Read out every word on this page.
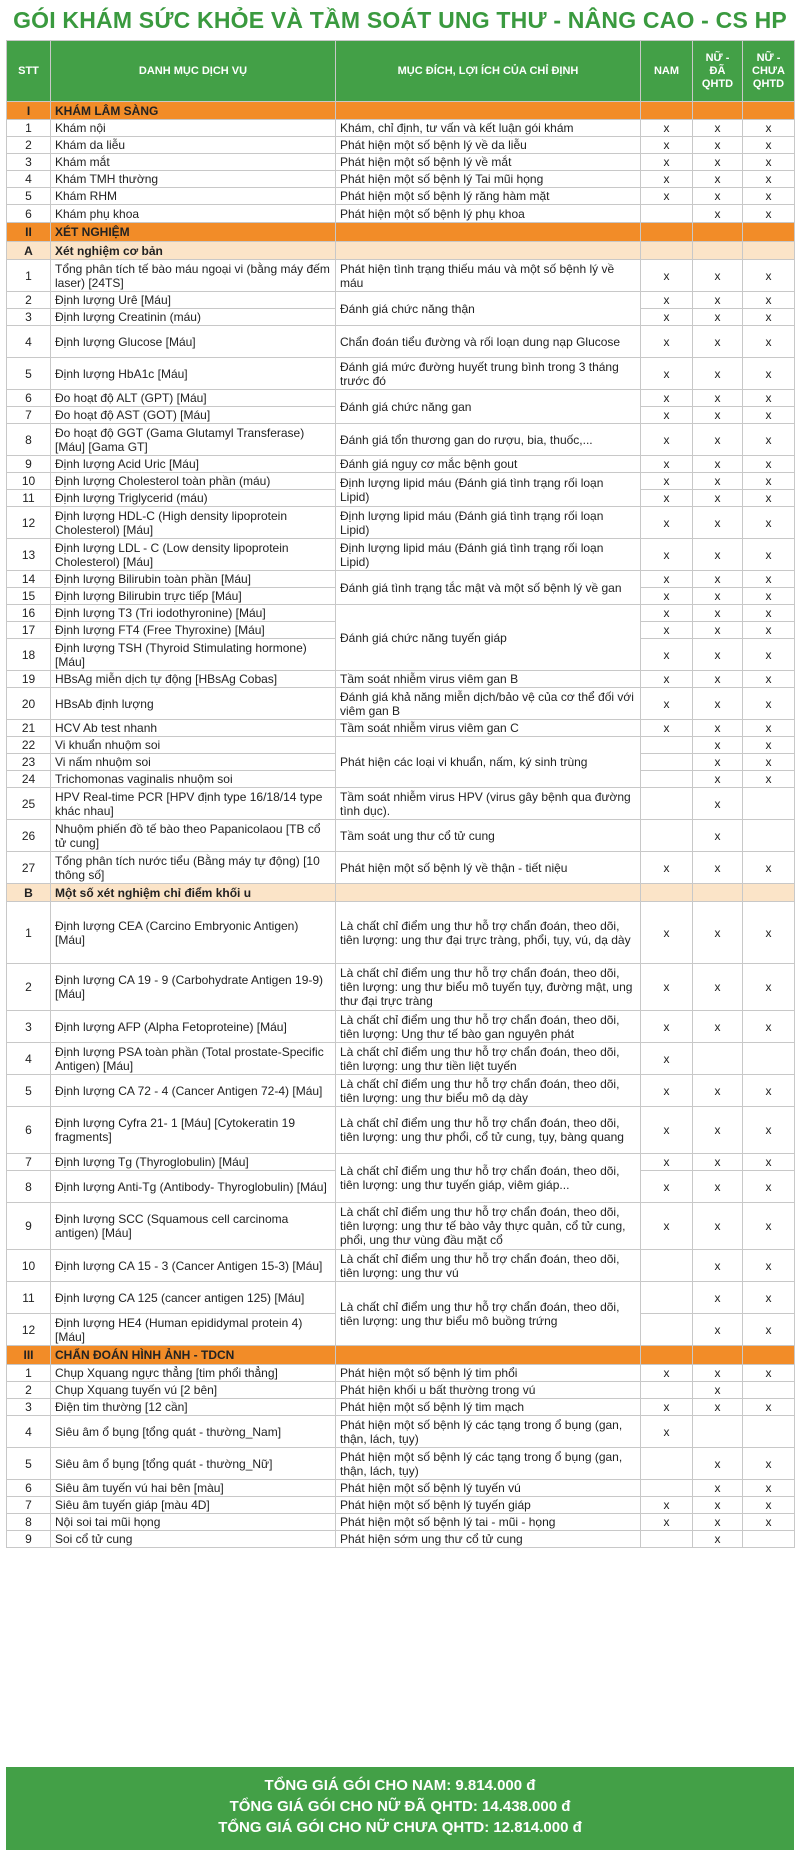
GÓI KHÁM SỨC KHỎE VÀ TẦM SOÁT UNG THƯ - NÂNG CAO - CS HP
STT	DANH MỤC DỊCH VỤ	MỤC ĐÍCH, LỢI ÍCH CỦA CHỈ ĐỊNH	NAM	NỮ - ĐÃ QHTD	NỮ - CHƯA QHTD
I	KHÁM LÂM SÀNG				
1	Khám nội	Khám, chỉ định, tư vấn và kết luận gói khám	x	x	x
2	Khám da liễu	Phát hiện một số bệnh lý về da liễu	x	x	x
3	Khám mắt	Phát hiện một số bệnh lý về mắt	x	x	x
4	Khám TMH thường	Phát hiện một số bệnh lý Tai mũi họng	x	x	x
5	Khám RHM	Phát hiện một số bệnh lý răng hàm mặt	x	x	x
6	Khám phụ khoa	Phát hiện một số bệnh lý phụ khoa		x	x
II	XÉT NGHIỆM				
A	Xét nghiệm cơ bản				
1	Tổng phân tích tế bào máu ngoại vi (bằng máy đếm laser) [24TS]	Phát hiện tình trạng thiếu máu và một số bệnh lý về máu	x	x	x
2	Định lượng Urê [Máu]	Đánh giá chức năng thận	x	x	x
3	Định lượng Creatinin (máu)		x	x	x
4	Định lượng Glucose [Máu]	Chẩn đoán tiểu đường và rối loạn dung nạp Glucose	x	x	x
5	Định lượng HbA1c [Máu]	Đánh giá mức đường huyết trung bình trong 3 tháng trước đó	x	x	x
6	Đo hoạt độ ALT (GPT) [Máu]	Đánh giá chức năng gan	x	x	x
7	Đo hoạt độ AST (GOT) [Máu]		x	x	x
8	Đo hoạt độ GGT (Gama Glutamyl Transferase) [Máu] [Gama GT]	Đánh giá tổn thương gan do rượu, bia, thuốc,...	x	x	x
9	Định lượng Acid Uric [Máu]	Đánh giá nguy cơ mắc bệnh gout	x	x	x
10	Định lượng Cholesterol toàn phần (máu)	Định lượng lipid máu (Đánh giá tình trạng rối loạn Lipid)	x	x	x
11	Định lượng Triglycerid (máu)		x	x	x
12	Định lượng HDL-C (High density lipoprotein Cholesterol) [Máu]	Định lượng lipid máu (Đánh giá tình trạng rối loạn Lipid)	x	x	x
13	Định lượng LDL - C (Low density lipoprotein Cholesterol) [Máu]	Định lượng lipid máu (Đánh giá tình trạng rối loạn Lipid)	x	x	x
14	Định lượng Bilirubin toàn phần [Máu]	Đánh giá tình trạng tắc mật và một số bệnh lý về gan	x	x	x
15	Định lượng Bilirubin trực tiếp [Máu]		x	x	x
16	Định lượng T3 (Tri iodothyronine) [Máu]	Đánh giá chức năng tuyến giáp	x	x	x
17	Định lượng FT4 (Free Thyroxine) [Máu]		x	x	x
18	Định lượng TSH (Thyroid Stimulating hormone) [Máu]		x	x	x
19	HBsAg miễn dịch tự động [HBsAg Cobas]	Tầm soát nhiễm virus viêm gan B	x	x	x
20	HBsAb định lượng	Đánh giá khả năng miễn dịch/bảo vệ của cơ thể đối với viêm gan B	x	x	x
21	HCV Ab test nhanh	Tầm soát nhiễm virus viêm gan C	x	x	x
22	Vi khuẩn nhuộm soi	Phát hiện các loại vi khuẩn, nấm, ký sinh trùng		x	x
23	Vi nấm nhuộm soi			x	x
24	Trichomonas vaginalis nhuộm soi			x	x
25	HPV Real-time PCR [HPV định type 16/18/14 type khác nhau]	Tầm soát nhiễm virus HPV (virus gây bệnh qua đường tình dục).		x	
26	Nhuộm phiến đồ tế bào theo Papanicolaou [TB cổ tử cung]	Tầm soát ung thư cổ tử cung		x	
27	Tổng phân tích nước tiểu (Bằng máy tự động) [10 thông số]	Phát hiện một số bệnh lý về thận - tiết niệu	x	x	x
B	Một số xét nghiệm chỉ điểm khối u				
1	Định lượng CEA (Carcino Embryonic Antigen) [Máu]	Là chất chỉ điểm ung thư hỗ trợ chẩn đoán, theo dõi, tiên lượng: ung thư đại trực tràng, phổi, tụy, vú, dạ dày	x	x	x
2	Định lượng CA 19 - 9 (Carbohydrate Antigen 19-9) [Máu]	Là chất chỉ điểm ung thư hỗ trợ chẩn đoán, theo dõi, tiên lượng: ung thư biểu mô tuyến tụy, đường mật, ung thư đại trực tràng	x	x	x
3	Định lượng AFP (Alpha Fetoproteine) [Máu]	Là chất chỉ điểm ung thư hỗ trợ chẩn đoán, theo dõi, tiên lượng: Ung thư tế bào gan nguyên phát	x	x	x
4	Định lượng PSA toàn phần (Total prostate-Specific Antigen) [Máu]	Là chất chỉ điểm ung thư hỗ trợ chẩn đoán, theo dõi, tiên lượng: ung thư tiền liệt tuyến	x		
5	Định lượng CA 72 - 4 (Cancer Antigen 72-4) [Máu]	Là chất chỉ điểm ung thư hỗ trợ chẩn đoán, theo dõi, tiên lượng: ung thư biểu mô dạ dày	x	x	x
6	Định lượng Cyfra 21- 1 [Máu] [Cytokeratin 19 fragments]	Là chất chỉ điểm ung thư hỗ trợ chẩn đoán, theo dõi, tiên lượng: ung thư phổi, cổ tử cung, tụy, bàng quang	x	x	x
7	Định lượng Tg (Thyroglobulin) [Máu]	Là chất chỉ điểm ung thư hỗ trợ chẩn đoán, theo dõi, tiên lượng: ung thư tuyến giáp, viêm giáp...	x	x	x
8	Định lượng Anti-Tg (Antibody- Thyroglobulin) [Máu]		x	x	x
9	Định lượng SCC (Squamous cell carcinoma antigen) [Máu]	Là chất chỉ điểm ung thư hỗ trợ chẩn đoán, theo dõi, tiên lượng: ung thư tế bào vảy thực quản, cổ tử cung, phổi, ung thư vùng đầu mặt cổ	x	x	x
10	Định lượng CA 15 - 3 (Cancer Antigen 15-3) [Máu]	Là chất chỉ điểm ung thư hỗ trợ chẩn đoán, theo dõi, tiên lượng: ung thư vú		x	x
11	Định lượng CA 125 (cancer antigen 125) [Máu]	Là chất chỉ điểm ung thư hỗ trợ chẩn đoán, theo dõi, tiên lượng: ung thư biểu mô buồng trứng		x	x
12	Định lượng HE4 (Human epididymal protein 4) [Máu]			x	x
III	CHẨN ĐOÁN HÌNH ẢNH - TDCN				
1	Chụp Xquang ngực thẳng [tim phổi thẳng]	Phát hiện một số bệnh lý tim phổi	x	x	x
2	Chụp Xquang tuyến vú [2 bên]	Phát hiện khối u bất thường trong vú		x	
3	Điện tim thường [12 cần]	Phát hiện một số bệnh lý tim mạch	x	x	x
4	Siêu âm ổ bụng [tổng quát - thường_Nam]	Phát hiện một số bệnh lý các tạng trong ổ bụng (gan, thận, lách, tụy)	x		
5	Siêu âm ổ bụng [tổng quát - thường_Nữ]	Phát hiện một số bệnh lý các tạng trong ổ bụng (gan, thận, lách, tụy)		x	x
6	Siêu âm tuyến vú hai bên [màu]	Phát hiện một số bệnh lý tuyến vú		x	x
7	Siêu âm tuyến giáp [màu 4D]	Phát hiện một số bệnh lý tuyến giáp	x	x	x
8	Nội soi tai mũi họng	Phát hiện một số bệnh lý tai - mũi - họng	x	x	x
9	Soi cổ tử cung	Phát hiện sớm ung thư cổ tử cung		x	
TỔNG GIÁ GÓI CHO NAM: 9.814.000 đ
TỔNG GIÁ GÓI CHO NỮ ĐÃ QHTD: 14.438.000 đ
TỔNG GIÁ GÓI CHO NỮ CHƯA QHTD: 12.814.000 đ
